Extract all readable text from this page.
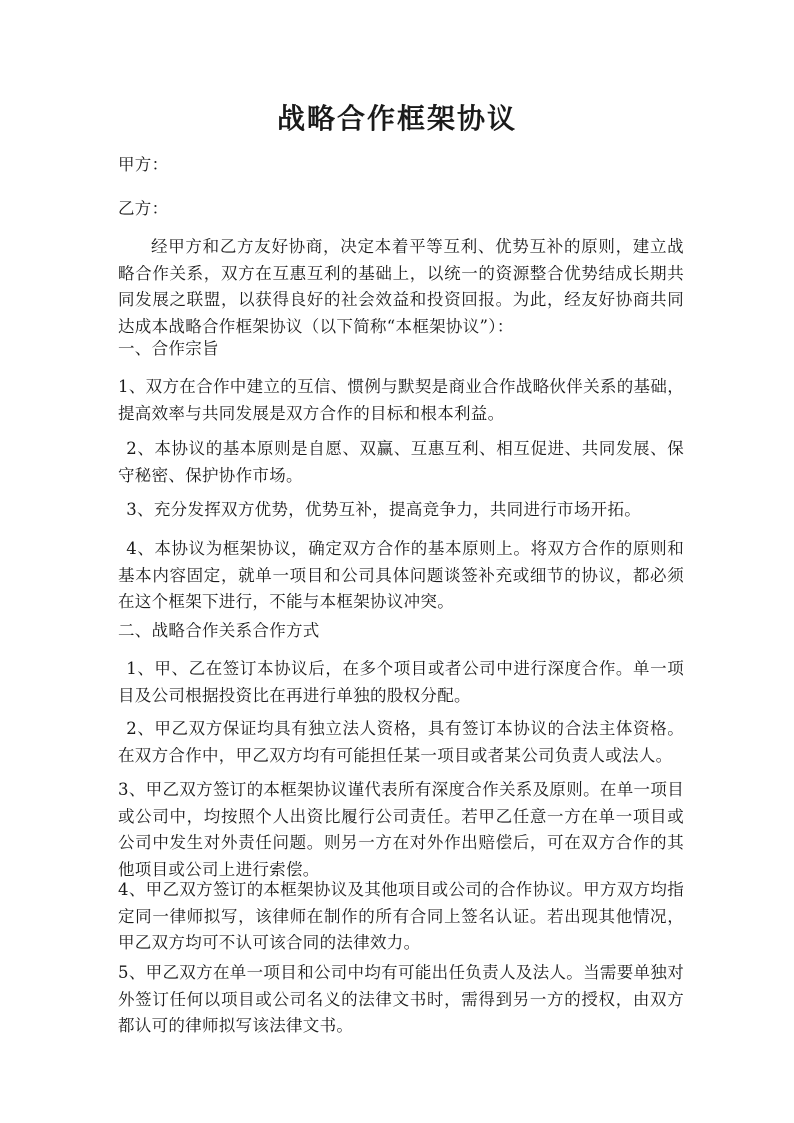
战略合作框架协议

甲方：

乙方：

经甲方和乙方友好协商，决定本着平等互利、优势互补的原则，建立战略合作关系，双方在互惠互利的基础上，以统一的资源整合优势结成长期共同发展之联盟，以获得良好的社会效益和投资回报。为此，经友好协商共同达成本战略合作框架协议（以下简称“本框架协议”）：

一、合作宗旨

1、双方在合作中建立的互信、惯例与默契是商业合作战略伙伴关系的基础，提高效率与共同发展是双方合作的目标和根本利益。

2、本协议的基本原则是自愿、双赢、互惠互利、相互促进、共同发展、保守秘密、保护协作市场。

3、充分发挥双方优势，优势互补，提高竞争力，共同进行市场开拓。

4、本协议为框架协议，确定双方合作的基本原则上。将双方合作的原则和基本内容固定，就单一项目和公司具体问题谈签补充或细节的协议，都必须在这个框架下进行，不能与本框架协议冲突。

二、战略合作关系合作方式

1、甲、乙在签订本协议后，在多个项目或者公司中进行深度合作。单一项目及公司根据投资比在再进行单独的股权分配。

2、甲乙双方保证均具有独立法人资格，具有签订本协议的合法主体资格。在双方合作中，甲乙双方均有可能担任某一项目或者某公司负责人或法人。

3、甲乙双方签订的本框架协议谨代表所有深度合作关系及原则。在单一项目或公司中，均按照个人出资比履行公司责任。若甲乙任意一方在单一项目或公司中发生对外责任问题。则另一方在对外作出赔偿后，可在双方合作的其他项目或公司上进行索偿。

4、甲乙双方签订的本框架协议及其他项目或公司的合作协议。甲方双方均指定同一律师拟写，该律师在制作的所有合同上签名认证。若出现其他情况，甲乙双方均可不认可该合同的法律效力。

5、甲乙双方在单一项目和公司中均有可能出任负责人及法人。当需要单独对外签订任何以项目或公司名义的法律文书时，需得到另一方的授权，由双方都认可的律师拟写该法律文书。
